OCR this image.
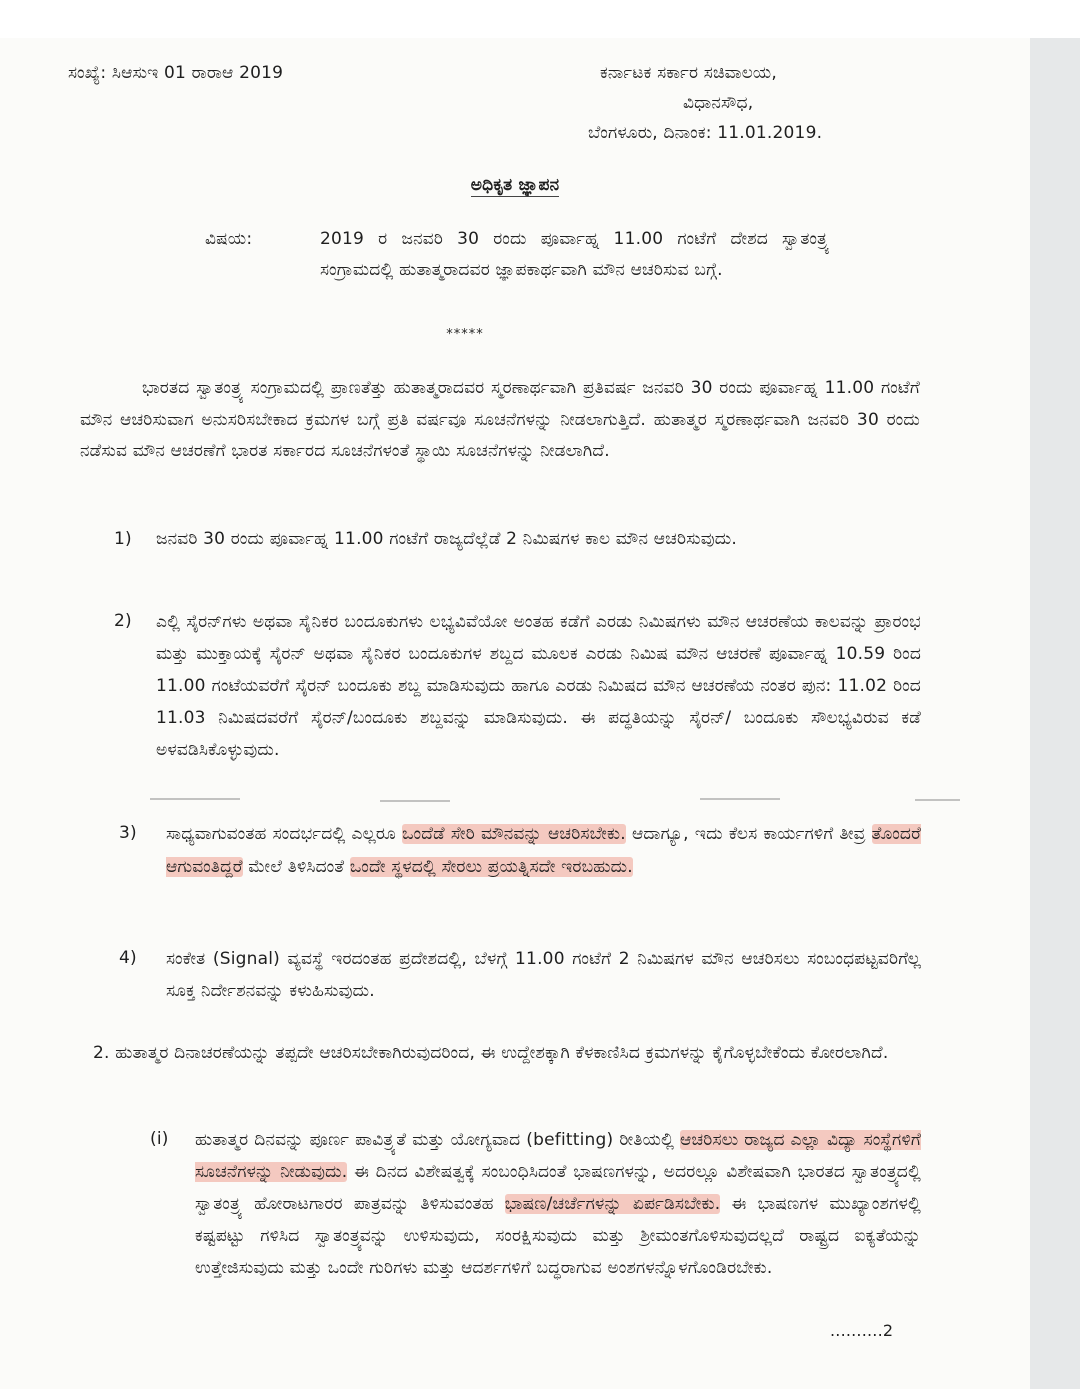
ಸಂಖ್ಯೆ: ಸಿಆಸುಇ 01 ರಾರಾಆ 2019	ಕರ್ನಾಟಕ ಸರ್ಕಾರ ಸಚಿವಾಲಯ,
ವಿಧಾನಸೌಧ,
ಬೆಂಗಳೂರು, ದಿನಾಂಕ: 11.01.2019.
ಅಧಿಕೃತ ಜ್ಞಾಪನ
ವಿಷಯ:	2019 ರ ಜನವರಿ 30 ರಂದು ಪೂರ್ವಾಹ್ನ 11.00 ಗಂಟೆಗೆ ದೇಶದ ಸ್ವಾತಂತ್ರ್ಯ ಸಂಗ್ರಾಮದಲ್ಲಿ ಹುತಾತ್ಮರಾದವರ ಜ್ಞಾಪಕಾರ್ಥವಾಗಿ ಮೌನ ಆಚರಿಸುವ ಬಗ್ಗೆ.
*****
ಭಾರತದ ಸ್ವಾತಂತ್ರ್ಯ ಸಂಗ್ರಾಮದಲ್ಲಿ ಪ್ರಾಣತೆತ್ತು ಹುತಾತ್ಮರಾದವರ ಸ್ಮರಣಾರ್ಥವಾಗಿ ಪ್ರತಿವರ್ಷ ಜನವರಿ 30 ರಂದು ಪೂರ್ವಾಹ್ನ 11.00 ಗಂಟೆಗೆ ಮೌನ ಆಚರಿಸುವಾಗ ಅನುಸರಿಸಬೇಕಾದ ಕ್ರಮಗಳ ಬಗ್ಗೆ ಪ್ರತಿ ವರ್ಷವೂ ಸೂಚನೆಗಳನ್ನು ನೀಡಲಾಗುತ್ತಿದೆ. ಹುತಾತ್ಮರ ಸ್ಮರಣಾರ್ಥವಾಗಿ ಜನವರಿ 30 ರಂದು ನಡೆಸುವ ಮೌನ ಆಚರಣೆಗೆ ಭಾರತ ಸರ್ಕಾರದ ಸೂಚನೆಗಳಂತೆ ಸ್ಥಾಯಿ ಸೂಚನೆಗಳನ್ನು ನೀಡಲಾಗಿದೆ.
1) ಜನವರಿ 30 ರಂದು ಪೂರ್ವಾಹ್ನ 11.00 ಗಂಟೆಗೆ ರಾಜ್ಯದೆಲ್ಲೆಡೆ 2 ನಿಮಿಷಗಳ ಕಾಲ ಮೌನ ಆಚರಿಸುವುದು.
2) ಎಲ್ಲಿ ಸೈರನ್‌ಗಳು ಅಥವಾ ಸೈನಿಕರ ಬಂದೂಕುಗಳು ಲಭ್ಯವಿವೆಯೋ ಅಂತಹ ಕಡೆಗೆ ಎರಡು ನಿಮಿಷಗಳು ಮೌನ ಆಚರಣೆಯ ಕಾಲವನ್ನು ಪ್ರಾರಂಭ ಮತ್ತು ಮುಕ್ತಾಯಕ್ಕೆ ಸೈರನ್ ಅಥವಾ ಸೈನಿಕರ ಬಂದೂಕುಗಳ ಶಬ್ದದ ಮೂಲಕ ಎರಡು ನಿಮಿಷ ಮೌನ ಆಚರಣೆ ಪೂರ್ವಾಹ್ನ 10.59 ರಿಂದ 11.00 ಗಂಟೆಯವರೆಗೆ ಸೈರನ್ ಬಂದೂಕು ಶಬ್ದ ಮಾಡಿಸುವುದು ಹಾಗೂ ಎರಡು ನಿಮಿಷದ ಮೌನ ಆಚರಣೆಯ ನಂತರ ಪುನ: 11.02 ರಿಂದ 11.03 ನಿಮಿಷದವರೆಗೆ ಸೈರನ್/ಬಂದೂಕು ಶಬ್ದವನ್ನು ಮಾಡಿಸುವುದು. ಈ ಪದ್ಧತಿಯನ್ನು ಸೈರನ್/ ಬಂದೂಕು ಸೌಲಭ್ಯವಿರುವ ಕಡೆ ಅಳವಡಿಸಿಕೊಳ್ಳುವುದು.
3) ಸಾಧ್ಯವಾಗುವಂತಹ ಸಂದರ್ಭದಲ್ಲಿ ಎಲ್ಲರೂ ಒಂದೆಡೆ ಸೇರಿ ಮೌನವನ್ನು ಆಚರಿಸಬೇಕು. ಆದಾಗ್ಯೂ, ಇದು ಕೆಲಸ ಕಾರ್ಯಗಳಿಗೆ ತೀವ್ರ ತೊಂದರೆ ಆಗುವಂತಿದ್ದರೆ ಮೇಲೆ ತಿಳಿಸಿದಂತೆ ಒಂದೇ ಸ್ಥಳದಲ್ಲಿ ಸೇರಲು ಪ್ರಯತ್ನಿಸದೇ ಇರಬಹುದು.
4) ಸಂಕೇತ (Signal) ವ್ಯವಸ್ಥೆ ಇರದಂತಹ ಪ್ರದೇಶದಲ್ಲಿ, ಬೆಳಗ್ಗೆ 11.00 ಗಂಟೆಗೆ 2 ನಿಮಿಷಗಳ ಮೌನ ಆಚರಿಸಲು ಸಂಬಂಧಪಟ್ಟವರಿಗೆಲ್ಲ ಸೂಕ್ತ ನಿರ್ದೇಶನವನ್ನು ಕಳುಹಿಸುವುದು.
2. ಹುತಾತ್ಮರ ದಿನಾಚರಣೆಯನ್ನು ತಪ್ಪದೇ ಆಚರಿಸಬೇಕಾಗಿರುವುದರಿಂದ, ಈ ಉದ್ದೇಶಕ್ಕಾಗಿ ಕೆಳಕಾಣಿಸಿದ ಕ್ರಮಗಳನ್ನು ಕೈಗೊಳ್ಳಬೇಕೆಂದು ಕೋರಲಾಗಿದೆ.
(i) ಹುತಾತ್ಮರ ದಿನವನ್ನು ಪೂರ್ಣ ಪಾವಿತ್ರ್ಯತೆ ಮತ್ತು ಯೋಗ್ಯವಾದ (befitting) ರೀತಿಯಲ್ಲಿ ಆಚರಿಸಲು ರಾಜ್ಯದ ಎಲ್ಲಾ ವಿದ್ಯಾ ಸಂಸ್ಥೆಗಳಿಗೆ ಸೂಚನೆಗಳನ್ನು ನೀಡುವುದು. ಈ ದಿನದ ವಿಶೇಷತ್ವಕ್ಕೆ ಸಂಬಂಧಿಸಿದಂತೆ ಭಾಷಣಗಳನ್ನು, ಅದರಲ್ಲೂ ವಿಶೇಷವಾಗಿ ಭಾರತದ ಸ್ವಾತಂತ್ರ್ಯದಲ್ಲಿ ಸ್ವಾತಂತ್ರ್ಯ ಹೋರಾಟಗಾರರ ಪಾತ್ರವನ್ನು ತಿಳಿಸುವಂತಹ ಭಾಷಣ/ಚರ್ಚೆಗಳನ್ನು ಏರ್ಪಡಿಸಬೇಕು. ಈ ಭಾಷಣಗಳ ಮುಖ್ಯಾಂಶಗಳಲ್ಲಿ ಕಷ್ಟಪಟ್ಟು ಗಳಿಸಿದ ಸ್ವಾತಂತ್ರ್ಯವನ್ನು ಉಳಿಸುವುದು, ಸಂರಕ್ಷಿಸುವುದು ಮತ್ತು ಶ್ರೀಮಂತಗೊಳಿಸುವುದಲ್ಲದೆ ರಾಷ್ಟ್ರದ ಐಕ್ಯತೆಯನ್ನು ಉತ್ತೇಜಿಸುವುದು ಮತ್ತು ಒಂದೇ ಗುರಿಗಳು ಮತ್ತು ಆದರ್ಶಗಳಿಗೆ ಬದ್ಧರಾಗುವ ಅಂಶಗಳನ್ನೊಳಗೊಂಡಿರಬೇಕು.
..........2
